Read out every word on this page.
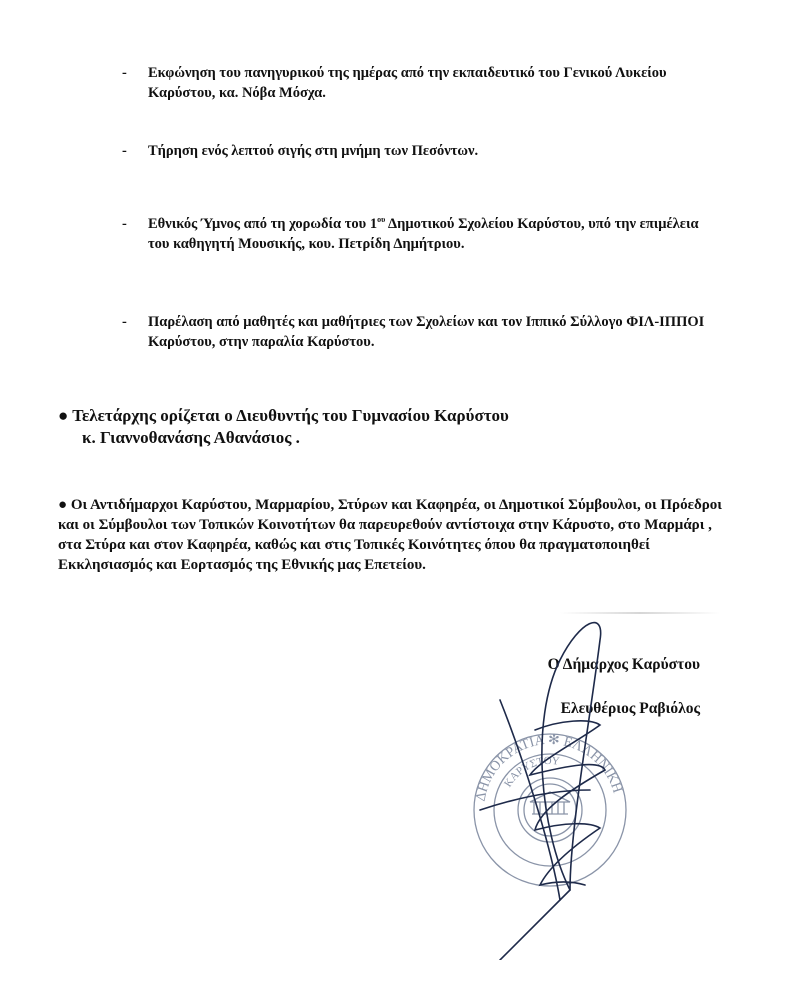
-	Εκφώνηση του πανηγυρικού της ημέρας από την εκπαιδευτικό του Γενικού Λυκείου Καρύστου, κα. Νόβα Μόσχα.
-	Τήρηση ενός λεπτού σιγής στη μνήμη των Πεσόντων.
-	Εθνικός Ύμνος από τη χορωδία του $1^{o\upsilon}$ Δημοτικού Σχολείου Καρύστου, υπό την επιμέλεια του καθηγητή Μουσικής, κου. Πετρίδη Δημήτριου.
-	Παρέλαση από μαθητές και μαθήτριες των Σχολείων και τον Ιππικό Σύλλογο ΦΙΛ-ΙΠΠΟΙ Καρύστου, στην παραλία Καρύστου.
● Τελετάρχης ορίζεται ο Διευθυντής του Γυμνασίου Καρύστου
κ. Γιαννοθανάσης Αθανάσιος .
● Οι Αντιδήμαρχοι Καρύστου, Μαρμαρίου, Στύρων και Καφηρέα, οι Δημοτικοί Σύμβουλοι, οι Πρόεδροι και οι Σύμβουλοι των Τοπικών Κοινοτήτων θα παρευρεθούν αντίστοιχα στην Κάρυστο, στο Μαρμάρι , στα Στύρα και στον Καφηρέα, καθώς και στις Τοπικές Κοινότητες όπου θα πραγματοποιηθεί Εκκλησιασμός και Εορτασμός της Εθνικής μας Επετείου.
ΔΗΜΟΚΡΑΤΙΑ ✻ ΕΛΛΗΝΙΚΗ
ΚΑΡΥΣΤΟΥ
Ο Δήμαρχος Καρύστου
Ελευθέριος Ραβιόλος
